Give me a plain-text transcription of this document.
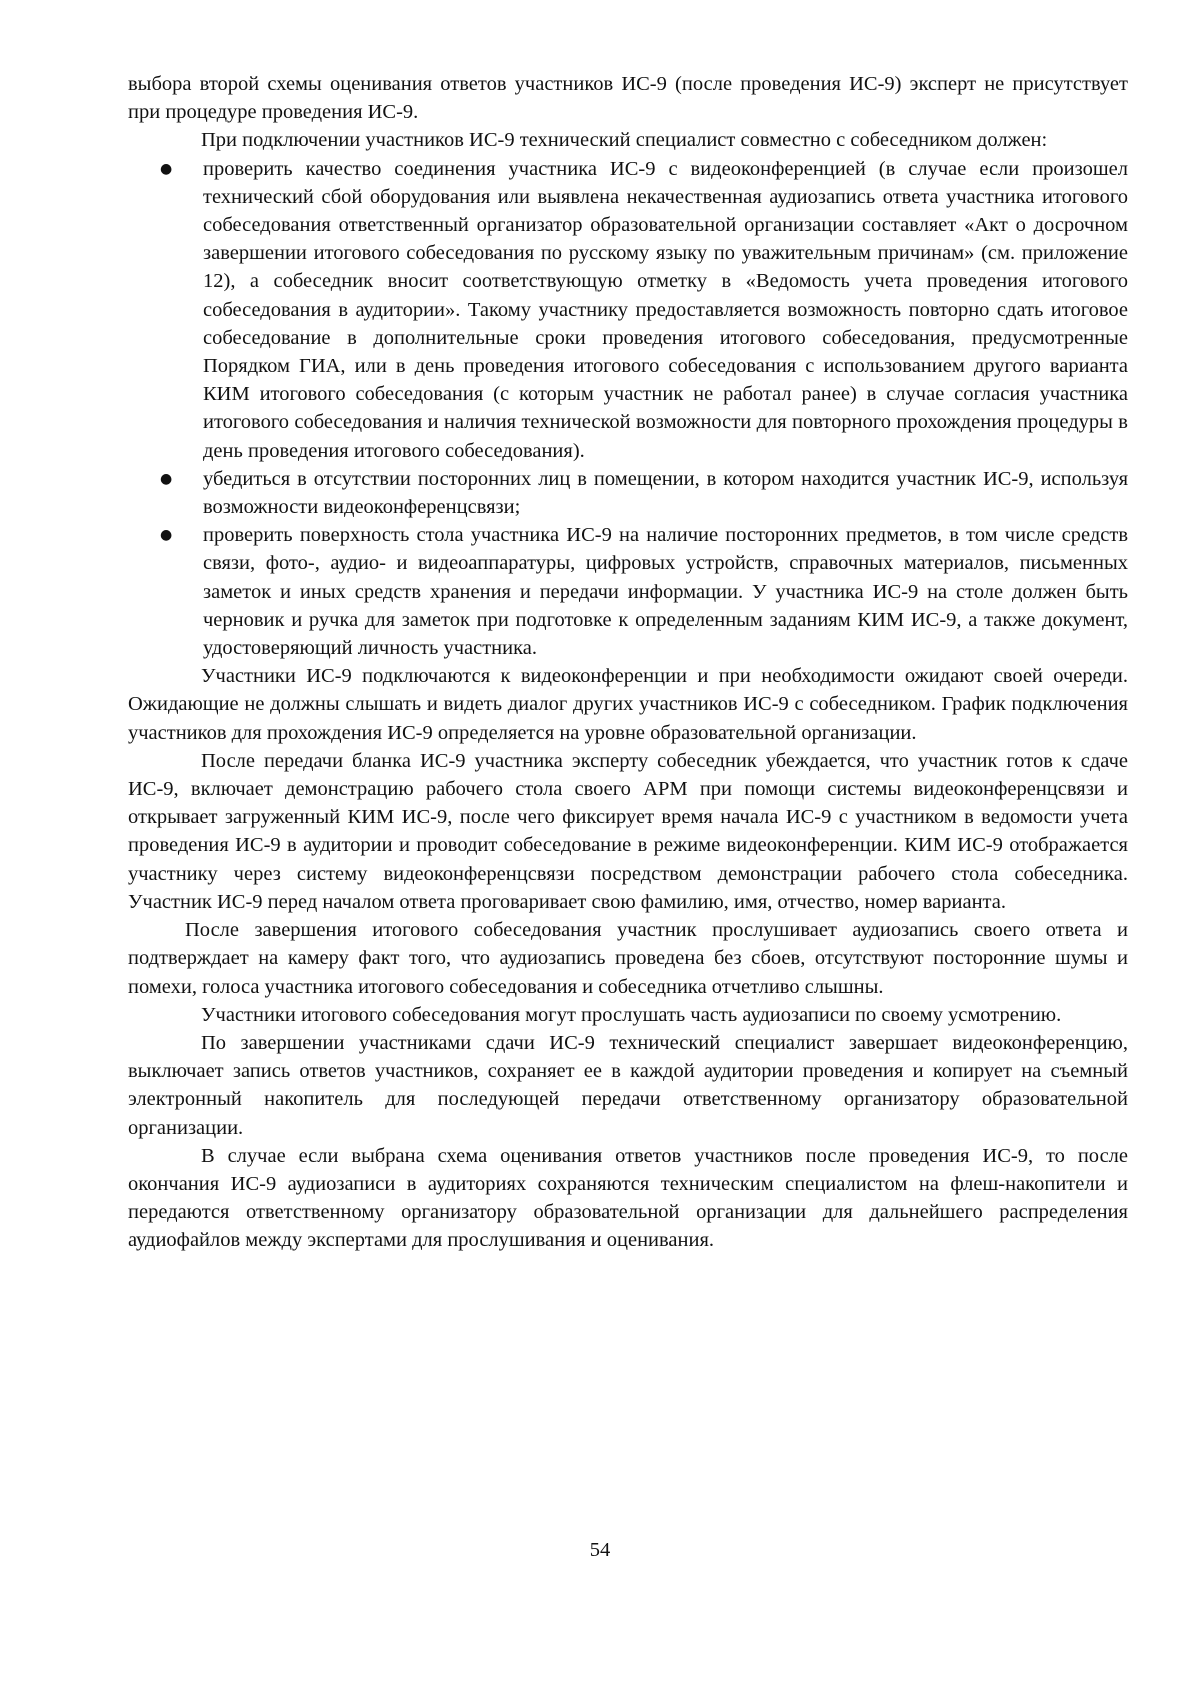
выбора второй схемы оценивания ответов участников ИС-9 (после проведения ИС-9) эксперт не присутствует при процедуре проведения ИС-9.

При подключении участников ИС-9 технический специалист совместно с собеседником должен:

● проверить качество соединения участника ИС-9 с видеоконференцией (в случае если произошел технический сбой оборудования или выявлена некачественная аудиозапись ответа участника итогового собеседования ответственный организатор образовательной организации составляет «Акт о досрочном завершении итогового собеседования по русскому языку по уважительным причинам» (см. приложение 12), а собеседник вносит соответствующую отметку в «Ведомость учета проведения итогового собеседования в аудитории». Такому участнику предоставляется возможность повторно сдать итоговое собеседование в дополнительные сроки проведения итогового собеседования, предусмотренные Порядком ГИА, или в день проведения итогового собеседования с использованием другого варианта КИМ итогового собеседования (с которым участник не работал ранее) в случае согласия участника итогового собеседования и наличия технической возможности для повторного прохождения процедуры в день проведения итогового собеседования).
● убедиться в отсутствии посторонних лиц в помещении, в котором находится участник ИС-9, используя возможности видеоконференцсвязи;
● проверить поверхность стола участника ИС-9 на наличие посторонних предметов, в том числе средств связи, фото-, аудио- и видеоаппаратуры, цифровых устройств, справочных материалов, письменных заметок и иных средств хранения и передачи информации. У участника ИС-9 на столе должен быть черновик и ручка для заметок при подготовке к определенным заданиям КИМ ИС-9, а также документ, удостоверяющий личность участника.

Участники ИС-9 подключаются к видеоконференции и при необходимости ожидают своей очереди. Ожидающие не должны слышать и видеть диалог других участников ИС-9 с собеседником. График подключения участников для прохождения ИС-9 определяется на уровне образовательной организации.

После передачи бланка ИС-9 участника эксперту собеседник убеждается, что участник готов к сдаче ИС-9, включает демонстрацию рабочего стола своего АРМ при помощи системы видеоконференцсвязи и открывает загруженный КИМ ИС-9, после чего фиксирует время начала ИС-9 с участником в ведомости учета проведения ИС-9 в аудитории и проводит собеседование в режиме видеоконференции. КИМ ИС-9 отображается участнику через систему видеоконференцсвязи посредством демонстрации рабочего стола собеседника. Участник ИС-9 перед началом ответа проговаривает свою фамилию, имя, отчество, номер варианта.

После завершения итогового собеседования участник прослушивает аудиозапись своего ответа и подтверждает на камеру факт того, что аудиозапись проведена без сбоев, отсутствуют посторонние шумы и помехи, голоса участника итогового собеседования и собеседника отчетливо слышны.

Участники итогового собеседования могут прослушать часть аудиозаписи по своему усмотрению.

По завершении участниками сдачи ИС-9 технический специалист завершает видеоконференцию, выключает запись ответов участников, сохраняет ее в каждой аудитории проведения и копирует на съемный электронный накопитель для последующей передачи ответственному организатору образовательной организации.

В случае если выбрана схема оценивания ответов участников после проведения ИС-9, то после окончания ИС-9 аудиозаписи в аудиториях сохраняются техническим специалистом на флеш-накопители и передаются ответственному организатору образовательной организации для дальнейшего распределения аудиофайлов между экспертами для прослушивания и оценивания.

54
